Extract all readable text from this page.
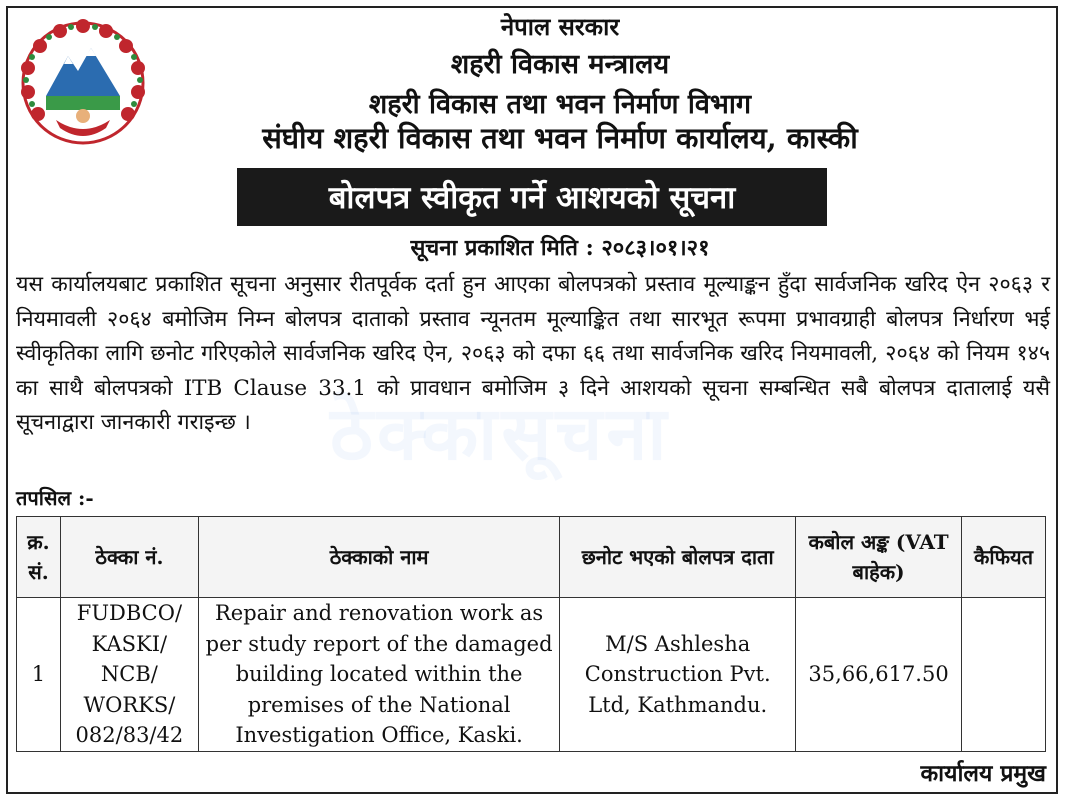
नेपाल सरकार
शहरी विकास मन्त्रालय
शहरी विकास तथा भवन निर्माण विभाग
संघीय शहरी विकास तथा भवन निर्माण कार्यालय, कास्की
बोलपत्र स्वीकृत गर्ने आशयको सूचना
सूचना प्रकाशित मिति : २०८३।०१।२१
ठेक्कासूचना
यस कार्यालयबाट प्रकाशित सूचना अनुसार रीतपूर्वक दर्ता हुन आएका बोलपत्रको प्रस्ताव मूल्याङ्कन हुँदा सार्वजनिक खरिद ऐन २०६३ र नियमावली २०६४ बमोजिम निम्न बोलपत्र दाताको प्रस्ताव न्यूनतम मूल्याङ्कित तथा सारभूत रूपमा प्रभावग्राही बोलपत्र निर्धारण भई स्वीकृतिका लागि छनोट गरिएकोले सार्वजनिक खरिद ऐन, २०६३ को दफा ६६ तथा सार्वजनिक खरिद नियमावली, २०६४ को नियम १४५ का साथै बोलपत्रको ITB Clause 33.1 को प्रावधान बमोजिम ३ दिने आशयको सूचना सम्बन्धित सबै बोलपत्र दातालाई यसै सूचनाद्वारा जानकारी गराइन्छ ।
तपसिल :-
क्र. सं.	ठेक्का नं.	ठेक्काको नाम	छनोट भएको बोलपत्र दाता	कबोल अङ्क (VAT बाहेक)	कैफियत
1	FUDBCO/ KASKI/ NCB/ WORKS/ 082/83/42	Repair and renovation work as per study report of the damaged building located within the premises of the National Investigation Office, Kaski.	M/S Ashlesha Construction Pvt. Ltd, Kathmandu.	35,66,617.50	
कार्यालय प्रमुख
